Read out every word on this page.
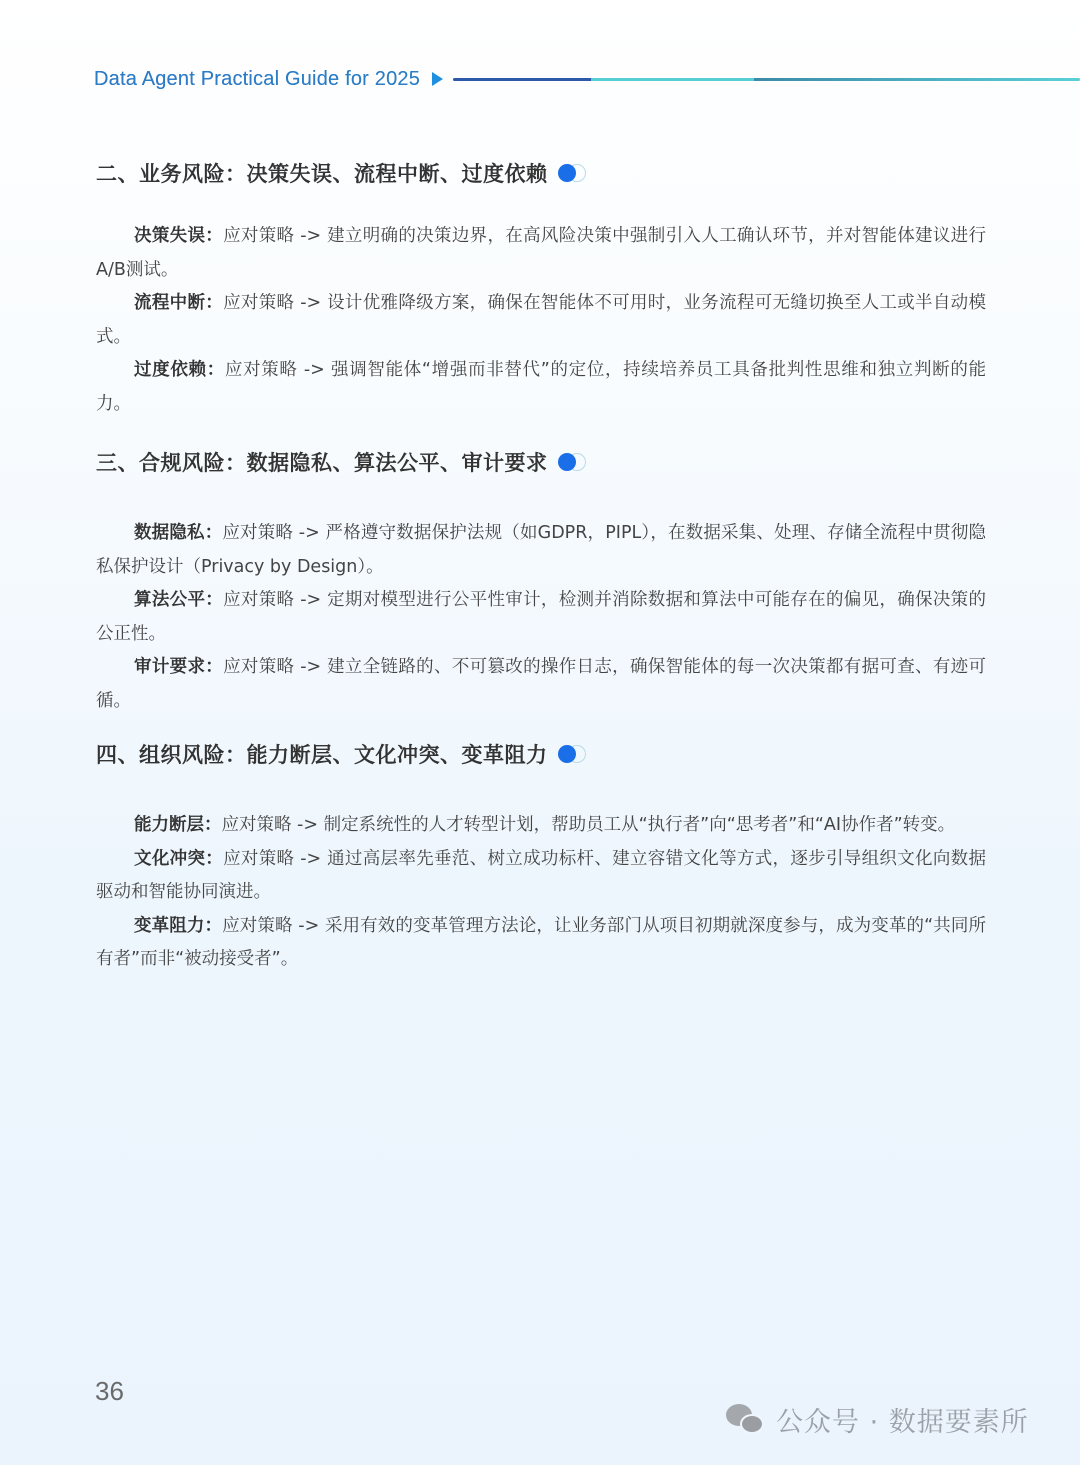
Data Agent Practical Guide for 2025
二、业务风险：决策失误、流程中断、过度依赖

决策失误：应对策略 -> 建立明确的决策边界，在高风险决策中强制引入人工确认环节，并对智能体建议进行A/B测试。

流程中断：应对策略 -> 设计优雅降级方案，确保在智能体不可用时，业务流程可无缝切换至人工或半自动模式。

过度依赖：应对策略 -> 强调智能体“增强而非替代”的定位，持续培养员工具备批判性思维和独立判断的能力。

三、合规风险：数据隐私、算法公平、审计要求

数据隐私：应对策略 -> 严格遵守数据保护法规（如GDPR，PIPL），在数据采集、处理、存储全流程中贯彻隐私保护设计（Privacy by Design）。

算法公平：应对策略 -> 定期对模型进行公平性审计，检测并消除数据和算法中可能存在的偏见，确保决策的公正性。

审计要求：应对策略 -> 建立全链路的、不可篡改的操作日志，确保智能体的每一次决策都有据可查、有迹可循。

四、组织风险：能力断层、文化冲突、变革阻力

能力断层：应对策略 -> 制定系统性的人才转型计划，帮助员工从“执行者”向“思考者”和“AI协作者”转变。

文化冲突：应对策略 -> 通过高层率先垂范、树立成功标杆、建立容错文化等方式，逐步引导组织文化向数据驱动和智能协同演进。

变革阻力：应对策略 -> 采用有效的变革管理方法论，让业务部门从项目初期就深度参与，成为变革的“共同所有者”而非“被动接受者”。

36
公众号 · 数据要素所
